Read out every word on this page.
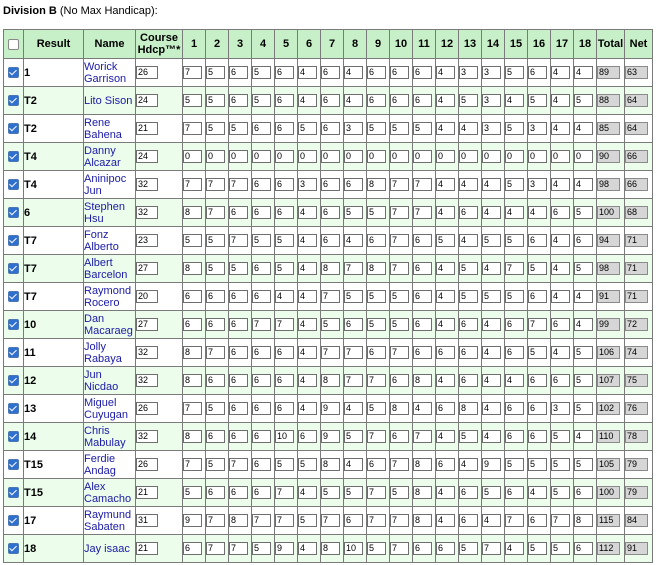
Division B (No Max Handicap):
	Result	Name	Course
Hdcp™*	1	2	3	4	5	6	7	8	9	10	11	12	13	14	15	16	17	18	Total	Net
	1	Worick
Garrison	26	7	5	6	5	6	4	6	4	6	6	6	4	3	3	5	6	4	4	89	63

	T2	Lito Sison	24	5	5	6	5	6	4	6	4	6	6	6	4	5	3	4	5	4	5	88	64

	T2	Rene
Bahena	21	7	5	5	6	6	5	6	3	5	5	5	4	4	3	5	3	4	4	85	64

	T4	Danny
Alcazar	24	0	0	0	0	0	0	0	0	0	0	0	0	0	0	0	0	0	0	90	66

	T4	Aninipoc
Jun	32	7	7	7	6	6	3	6	6	8	7	7	4	4	4	5	3	4	4	98	66

	6	Stephen
Hsu	32	8	7	6	6	6	4	6	5	5	7	7	4	6	4	4	4	6	5	100	68

	T7	Fonz
Alberto	23	5	5	7	5	5	4	6	4	6	7	6	5	4	5	5	6	4	6	94	71

	T7	Albert
Barcelon	27	8	5	5	6	5	4	8	7	8	7	6	4	5	4	7	5	4	5	98	71

	T7	Raymond
Rocero	20	6	6	6	6	4	4	7	5	5	5	6	4	5	5	5	6	4	4	91	71

	10	Dan
Macaraeg	27	6	6	6	7	7	4	5	6	5	5	6	4	6	4	6	7	6	4	99	72

	11	Jolly
Rabaya	32	8	7	6	6	6	4	7	7	6	7	6	6	6	4	6	5	4	5	106	74

	12	Jun
Nicdao	32	8	6	6	6	6	4	8	7	7	6	8	4	6	4	4	6	6	5	107	75

	13	Miguel
Cuyugan	26	7	5	6	6	6	4	9	4	5	8	4	6	8	4	6	6	3	5	102	76

	14	Chris
Mabulay	32	8	6	6	6	10	6	9	5	7	6	7	4	5	4	6	6	5	4	110	78

	T15	Ferdie
Andag	26	7	5	7	6	5	5	8	4	6	7	8	6	4	9	5	5	5	5	105	79

	T15	Alex
Camacho	21	5	6	6	6	7	4	5	5	7	5	8	4	6	5	6	4	5	6	100	79

	17	Raymund
Sabaten	31	9	7	8	7	7	5	7	6	7	7	8	4	6	4	7	6	7	8	115	84

	18	Jay isaac	21	6	7	7	5	9	4	8	10	5	7	6	6	5	7	4	5	5	6	112	91
